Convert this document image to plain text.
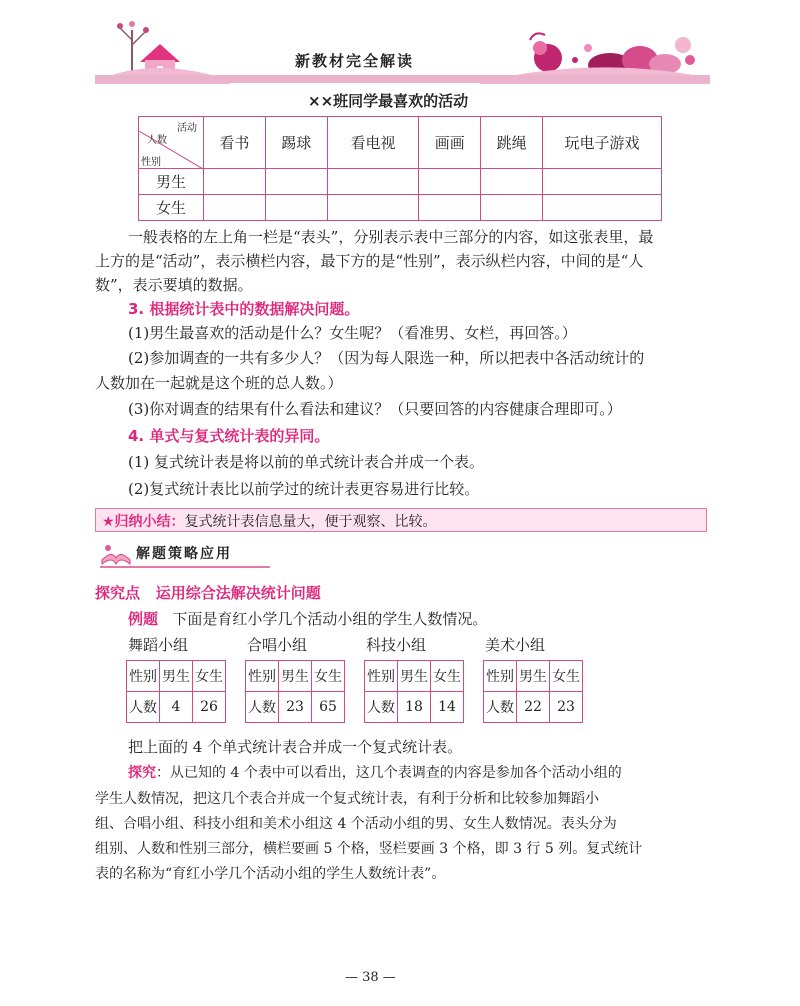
新教材完全解读
××班同学最喜欢的活动
活动
人数
性别	看书	踢球	看电视	画画	跳绳	玩电子游戏
男生						
女生						
一般表格的左上角一栏是“表头”，分别表示表中三部分的内容，如这张表里，最
上方的是“活动”，表示横栏内容，最下方的是“性别”，表示纵栏内容，中间的是“人
数”，表示要填的数据。
3. 根据统计表中的数据解决问题。
(1)男生最喜欢的活动是什么？女生呢？（看准男、女栏，再回答。）
(2)参加调查的一共有多少人？（因为每人限选一种，所以把表中各活动统计的
人数加在一起就是这个班的总人数。）
(3)你对调查的结果有什么看法和建议？（只要回答的内容健康合理即可。）
4. 单式与复式统计表的异同。
(1) 复式统计表是将以前的单式统计表合并成一个表。
(2)复式统计表比以前学过的统计表更容易进行比较。
★归纳小结：复式统计表信息量大，便于观察、比较。
解题策略应用
探究点 运用综合法解决统计问题
例题 下面是育红小学几个活动小组的学生人数情况。
舞蹈小组	合唱小组	科技小组	美术小组
性别	男生	女生
人数	4	26
性别	男生	女生
人数	23	65
性别	男生	女生
人数	18	14
性别	男生	女生
人数	22	23
把上面的 4 个单式统计表合并成一个复式统计表。
探究：从已知的 4 个表中可以看出，这几个表调查的内容是参加各个活动小组的
学生人数情况，把这几个表合并成一个复式统计表，有利于分析和比较参加舞蹈小
组、合唱小组、科技小组和美术小组这 4 个活动小组的男、女生人数情况。表头分为
组别、人数和性别三部分，横栏要画 5 个格，竖栏要画 3 个格，即 3 行 5 列。复式统计
表的名称为“育红小学几个活动小组的学生人数统计表”。
— 38 —
